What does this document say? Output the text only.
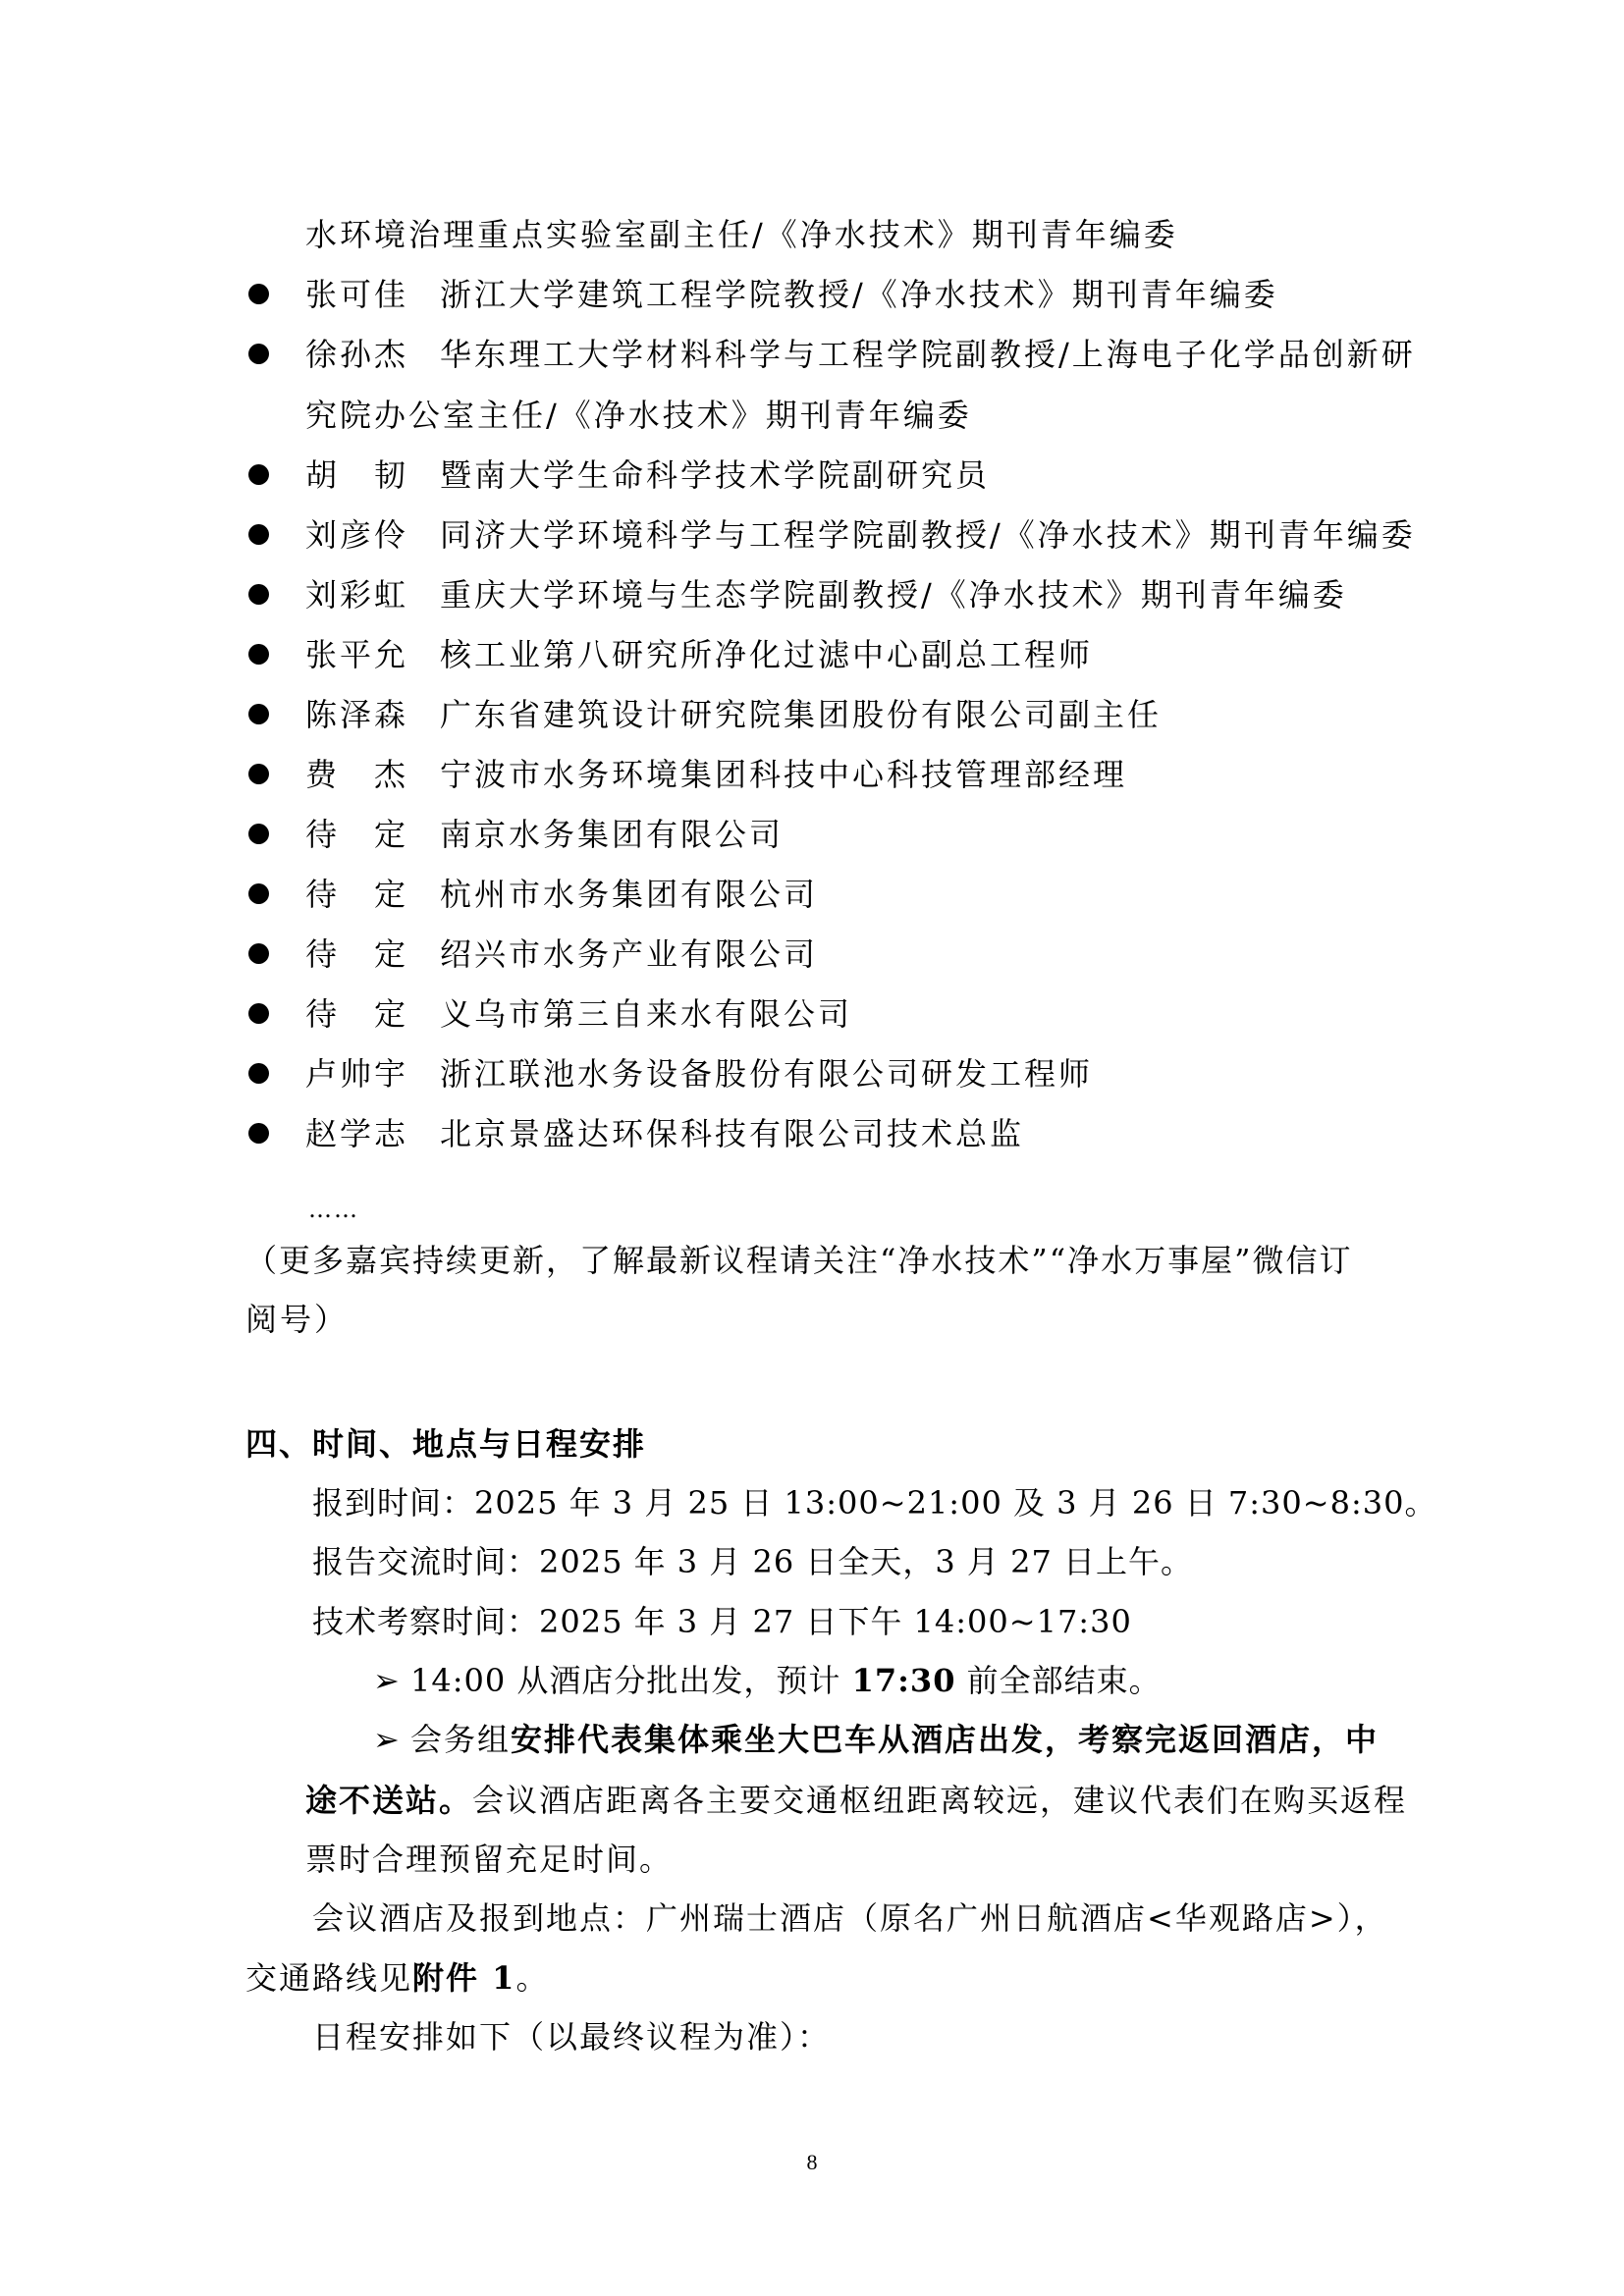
水环境治理重点实验室副主任/《净水技术》期刊青年编委
张可佳 浙江大学建筑工程学院教授/《净水技术》期刊青年编委
徐孙杰 华东理工大学材料科学与工程学院副教授/上海电子化学品创新研
胡　韧 暨南大学生命科学技术学院副研究员
刘彦伶 同济大学环境科学与工程学院副教授/《净水技术》期刊青年编委
刘彩虹 重庆大学环境与生态学院副教授/《净水技术》期刊青年编委
张平允 核工业第八研究所净化过滤中心副总工程师
陈泽森 广东省建筑设计研究院集团股份有限公司副主任
费　杰 宁波市水务环境集团科技中心科技管理部经理
待　定 南京水务集团有限公司
待　定 杭州市水务集团有限公司
待　定 绍兴市水务产业有限公司
待　定 义乌市第三自来水有限公司
卢帅宇 浙江联池水务设备股份有限公司研发工程师
赵学志 北京景盛达环保科技有限公司技术总监
究院办公室主任/《净水技术》期刊青年编委
……
（更多嘉宾持续更新，了解最新议程请关注“净水技术”“净水万事屋”微信订
阅号）
四、时间、地点与日程安排
报到时间：2025 年 3 月 25 日 13:00~21:00 及 3 月 26 日 7:30~8:30。
报告交流时间：2025 年 3 月 26 日全天，3 月 27 日上午。
技术考察时间：2025 年 3 月 27 日下午 14:00~17:30
➢ 14:00 从酒店分批出发，预计 17:30 前全部结束。
➢ 会务组安排代表集体乘坐大巴车从酒店出发，考察完返回酒店，中
途不送站。会议酒店距离各主要交通枢纽距离较远，建议代表们在购买返程
票时合理预留充足时间。
会议酒店及报到地点：广州瑞士酒店（原名广州日航酒店<华观路店>），
交通路线见附件 1。
日程安排如下（以最终议程为准）：
8
